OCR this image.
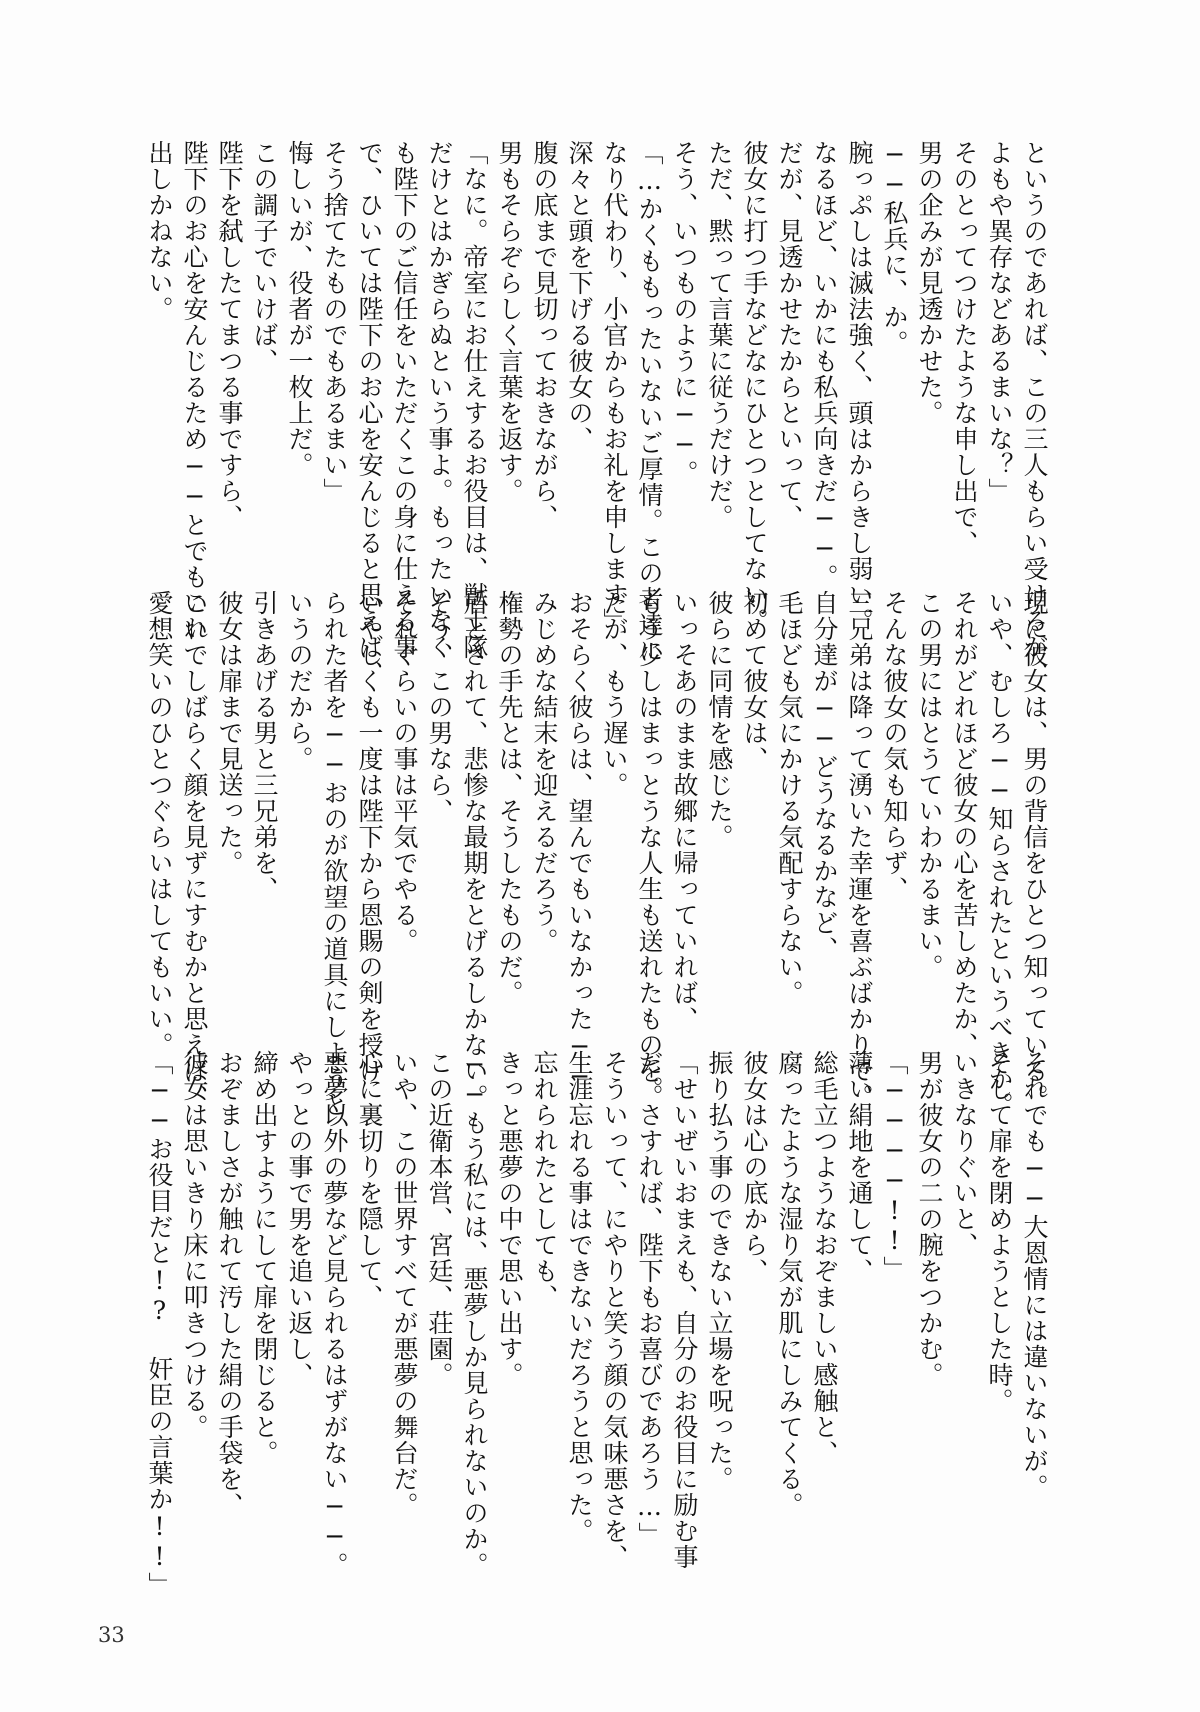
というのであれば、この三人もらい受けるが、

よもや異存などあるまいな？」

そのとってつけたような申し出で、

男の企みが見透かせた。

──私兵に、か。

腕っぷしは滅法強く、頭はからきし弱い。

なるほど、いかにも私兵向きだ──。

だが、見透かせたからといって、

彼女に打つ手などなにひとつとしてない。

ただ、黙って言葉に従うだけだ。

そう、いつものように──。

「…かくももったいないご厚情。この者達に

なり代わり、小官からもお礼を申します」

深々と頭を下げる彼女の、

腹の底まで見切っておきながら、

男もそらぞらしく言葉を返す。

「なに。帝室にお仕えするお役目は、獣士隊

だけとはかぎらぬという事よ。もったいなく

も陛下のご信任をいただくこの身に仕える事

で、ひいては陛下のお心を安んじると思えば、

そう捨てたものでもあるまい」

悔しいが、役者が一枚上だ。

この調子でいけば、

陛下を弑したてまつる事ですら、

陛下のお心を安んじるため──とでもいい

出しかねない。

現に彼女は、男の背信をひとつ知っている。

いや、むしろ──知らされたというべきか。

それがどれほど彼女の心を苦しめたか、

この男にはとうていわかるまい。

そんな彼女の気も知らず、

三兄弟は降って湧いた幸運を喜ぶばかりで。

自分達が──どうなるかなど、

毛ほども気にかける気配すらない。

初めて彼女は、

彼らに同情を感じた。

いっそあのまま故郷に帰っていれば、

もう少しはまっとうな人生も送れたものを。

だが、もう遅い。

おそらく彼らは、望んでもいなかった──

みじめな結末を迎えるだろう。

権勢の手先とは、そうしたものだ。

盾とされて、悲惨な最期をとげるしかない。

そう、この男なら、

それぐらいの事は平気でやる。

いやしくも一度は陛下から恩賜の剣を授け

られた者を──おのが欲望の道具にしようと

いうのだから。

引きあげる男と三兄弟を、

彼女は扉まで見送った。

これでしばらく顔を見ずにすむかと思えば、

愛想笑いのひとつぐらいはしてもいい。

それでも──大恩情には違いないが。

そして扉を閉めようとした時。

いきなりぐいと、

男が彼女の二の腕をつかむ。

「────!!」

薄い絹地を通して、

総毛立つようなおぞましい感触と、

腐ったような湿り気が肌にしみてくる。

彼女は心の底から、

振り払う事のできない立場を呪った。

「せいぜいおまえも、自分のお役目に励む事

だ。さすれば、陛下もお喜びであろう…」

そういって、にやりと笑う顔の気味悪さを、

生涯忘れる事はできないだろうと思った。

忘れられたとしても、

きっと悪夢の中で思い出す。

──もう私には、悪夢しか見られないのか。

この近衛本営、宮廷、荘園。

いや、この世界すべてが悪夢の舞台だ。

心に裏切りを隠して、

悪夢以外の夢など見られるはずがない──。

やっとの事で男を追い返し、

締め出すようにして扉を閉じると。

おぞましさが触れて汚した絹の手袋を、

彼女は思いきり床に叩きつける。

「──お役目だと!? 奸臣の言葉か!!」

33
